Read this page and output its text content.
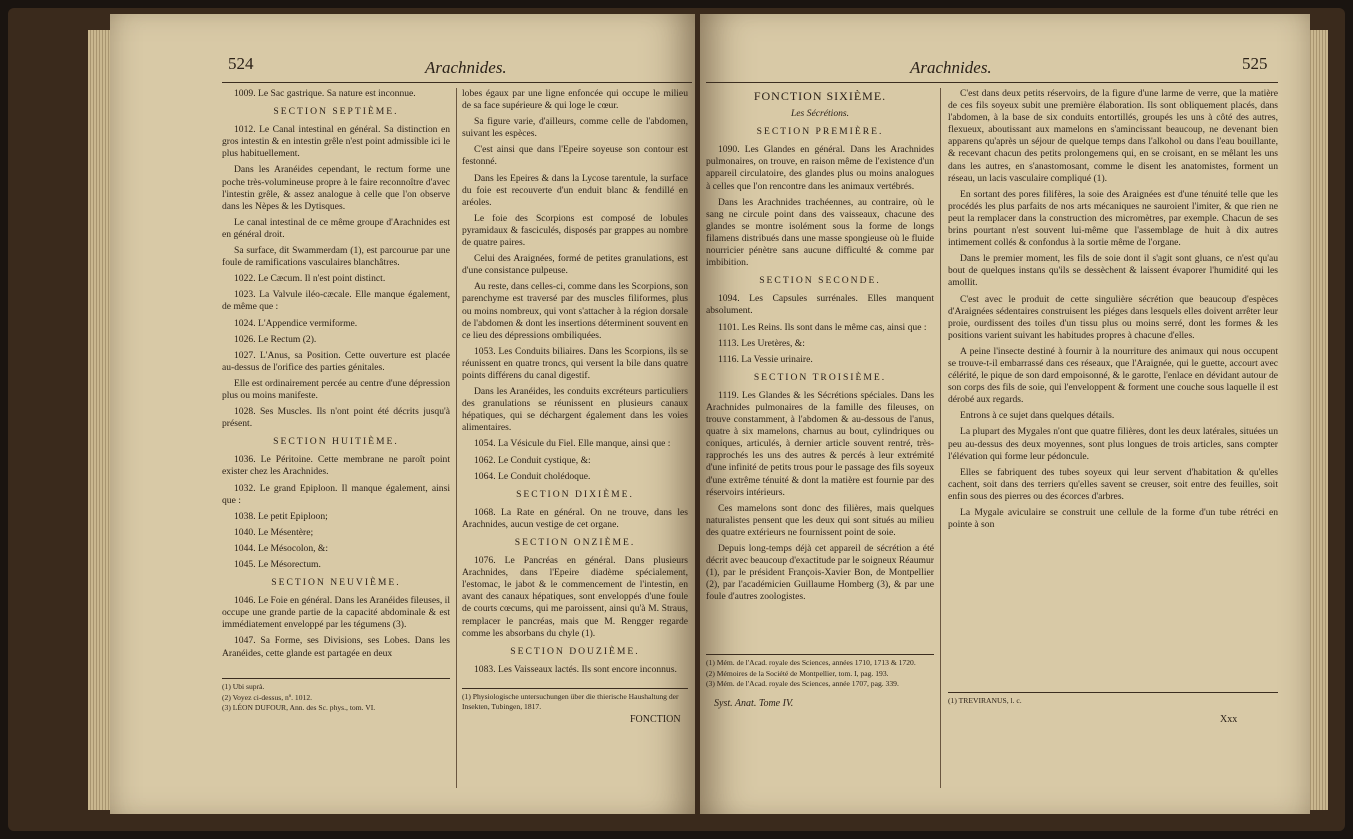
524	Arachnides.
1009. Le Sac gastrique. Sa nature est inconnue.
SECTION SEPTIÈME.
1012. Le Canal intestinal en général. Sa distinction en gros intestin & en intestin grêle n'est point admissible ici le plus habituellement.
Dans les Aranéides cependant, le rectum forme une poche très-volumineuse propre à le faire reconnoître d'avec l'intestin grêle, & assez analogue à celle que l'on observe dans les Nèpes & les Dytisques.
Le canal intestinal de ce même groupe d'Arachnides est en général droit.
Sa surface, dit Swammerdam (1), est parcourue par une foule de ramifications vasculaires blanchâtres.
1022. Le Cæcum. Il n'est point distinct.
1023. La Valvule iléo-cæcale. Elle manque également, de même que :
1024. L'Appendice vermiforme.
1026. Le Rectum (2).
1027. L'Anus, sa Position. Cette ouverture est placée au-dessus de l'orifice des parties génitales.
Elle est ordinairement percée au centre d'une dépression plus ou moins manifeste.
1028. Ses Muscles. Ils n'ont point été décrits jusqu'à présent.
SECTION HUITIÈME.
1036. Le Péritoine. Cette membrane ne paroît point exister chez les Arachnides.
1032. Le grand Epiploon. Il manque également, ainsi que :
1038. Le petit Epiploon;
1040. Le Mésentère;
1044. Le Mésocolon, &:
1045. Le Mésorectum.
SECTION NEUVIÈME.
1046. Le Foie en général. Dans les Aranéides fileuses, il occupe une grande partie de la capacité abdominale & est immédiatement enveloppé par les tégumens (3).
1047. Sa Forme, ses Divisions, ses Lobes. Dans les Aranéides, cette glande est partagée en deux
lobes égaux par une ligne enfoncée qui occupe le milieu de sa face supérieure & qui loge le cœur.
Sa figure varie, d'ailleurs, comme celle de l'abdomen, suivant les espèces.
C'est ainsi que dans l'Epeire soyeuse son contour est festonné.
Dans les Epeires & dans la Lycose tarentule, la surface du foie est recouverte d'un enduit blanc & fendillé en aréoles.
Le foie des Scorpions est composé de lobules pyramidaux & fasciculés, disposés par grappes au nombre de quatre paires.
Celui des Araignées, formé de petites granulations, est d'une consistance pulpeuse.
Au reste, dans celles-ci, comme dans les Scorpions, son parenchyme est traversé par des muscles filiformes, plus ou moins nombreux, qui vont s'attacher à la région dorsale de l'abdomen & dont les insertions déterminent souvent en ce lieu des dépressions ombiliquées.
1053. Les Conduits biliaires. Dans les Scorpions, ils se réunissent en quatre troncs, qui versent la bile dans quatre points différens du canal digestif.
Dans les Aranéides, les conduits excréteurs particuliers des granulations se réunissent en plusieurs canaux hépatiques, qui se déchargent également dans les voies alimentaires.
1054. La Vésicule du Fiel. Elle manque, ainsi que :
1062. Le Conduit cystique, &:
1064. Le Conduit cholédoque.
SECTION DIXIÈME.
1068. La Rate en général. On ne trouve, dans les Arachnides, aucun vestige de cet organe.
SECTION ONZIÈME.
1076. Le Pancréas en général. Dans plusieurs Arachnides, dans l'Epeire diadème spécialement, l'estomac, le jabot & le commencement de l'intestin, en avant des canaux hépatiques, sont enveloppés d'une foule de courts cœcums, qui me paroissent, ainsi qu'à M. Straus, remplacer le pancréas, mais que M. Rengger regarde comme les absorbans du chyle (1).
SECTION DOUZIÈME.
1083. Les Vaisseaux lactés. Ils sont encore inconnus.
(1) Ubi suprà.
(2) Voyez ci-dessus, nº. 1012.
(3) LÉON DUFOUR, Ann. des Sc. phys., tom. VI.
(1) Physiologische untersuchungen über die thierische Haushaltung der Insekten, Tubingen, 1817.
FONCTION
Arachnides.	525
FONCTION SIXIÈME.
Les Sécrétions.
SECTION PREMIÈRE.
1090. Les Glandes en général. Dans les Arachnides pulmonaires, on trouve, en raison même de l'existence d'un appareil circulatoire, des glandes plus ou moins analogues à celles que l'on rencontre dans les animaux vertébrés.
Dans les Arachnides trachéennes, au contraire, où le sang ne circule point dans des vaisseaux, chacune des glandes se montre isolément sous la forme de longs filamens distribués dans une masse spongieuse où le fluide nourricier pénètre sans aucune difficulté & comme par imbibition.
SECTION SECONDE.
1094. Les Capsules surrénales. Elles manquent absolument.
1101. Les Reins. Ils sont dans le même cas, ainsi que :
1113. Les Uretères, &:
1116. La Vessie urinaire.
SECTION TROISIÈME.
1119. Les Glandes & les Sécrétions spéciales. Dans les Arachnides pulmonaires de la famille des fileuses, on trouve constamment, à l'abdomen & au-dessous de l'anus, quatre à six mamelons, charnus au bout, cylindriques ou coniques, articulés, à dernier article souvent rentré, très-rapprochés les uns des autres & percés à leur extrémité d'une infinité de petits trous pour le passage des fils soyeux d'une extrême ténuité & dont la matière est fournie par des réservoirs intérieurs.
Ces mamelons sont donc des filières, mais quelques naturalistes pensent que les deux qui sont situés au milieu des quatre extérieurs ne fournissent point de soie.
Depuis long-temps déjà cet appareil de sécrétion a été décrit avec beaucoup d'exactitude par le soigneux Réaumur (1), par le président François-Xavier Bon, de Montpellier (2), par l'académicien Guillaume Homberg (3), & par une foule d'autres zoologistes.
C'est dans deux petits réservoirs, de la figure d'une larme de verre, que la matière de ces fils soyeux subit une première élaboration. Ils sont obliquement placés, dans l'abdomen, à la base de six conduits entortillés, groupés les uns à côté des autres, flexueux, aboutissant aux mamelons en s'amincissant beaucoup, ne devenant bien apparens qu'après un séjour de quelque temps dans l'alkohol ou dans l'eau bouillante, & recevant chacun des petits prolongemens qui, en se croisant, en se mêlant les uns dans les autres, en s'anastomosant, comme le disent les anatomistes, forment un réseau, un lacis vasculaire compliqué (1).
En sortant des pores filifères, la soie des Araignées est d'une ténuité telle que les procédés les plus parfaits de nos arts mécaniques ne sauroient l'imiter, & que rien ne peut la remplacer dans la construction des micromètres, par exemple. Chacun de ses brins pourtant n'est souvent lui-même que l'assemblage de huit à dix autres intimement collés & confondus à la sortie même de l'organe.
Dans le premier moment, les fils de soie dont il s'agit sont gluans, ce n'est qu'au bout de quelques instans qu'ils se dessèchent & laissent évaporer l'humidité qui les amollit.
C'est avec le produit de cette singulière sécrétion que beaucoup d'espèces d'Araignées sédentaires construisent les piéges dans lesquels elles doivent arrêter leur proie, ourdissent des toiles d'un tissu plus ou moins serré, dont les formes & les positions varient suivant les habitudes propres à chacune d'elles.
A peine l'insecte destiné à fournir à la nourriture des animaux qui nous occupent se trouve-t-il embarrassé dans ces réseaux, que l'Araignée, qui le guette, accourt avec célérité, le pique de son dard empoisonné, & le garotte, l'enlace en dévidant autour de son corps des fils de soie, qui l'enveloppent & forment une couche sous laquelle il est dérobé aux regards.
Entrons à ce sujet dans quelques détails.
La plupart des Mygales n'ont que quatre filières, dont les deux latérales, situées un peu au-dessus des deux moyennes, sont plus longues de trois articles, sans compter l'élévation qui forme leur pédoncule.
Elles se fabriquent des tubes soyeux qui leur servent d'habitation & qu'elles cachent, soit dans des terriers qu'elles savent se creuser, soit entre des feuilles, soit enfin sous des pierres ou des écorces d'arbres.
La Mygale aviculaire se construit une cellule de la forme d'un tube rétréci en pointe à son
(1) Mém. de l'Acad. royale des Sciences, années 1710, 1713 & 1720.
(2) Mémoires de la Société de Montpellier, tom. I, pag. 193.
(3) Mém. de l'Acad. royale des Sciences, année 1707, pag. 339.
Syst. Anat. Tome IV.	(1) TREVIRANUS, l. c.
Xxx
